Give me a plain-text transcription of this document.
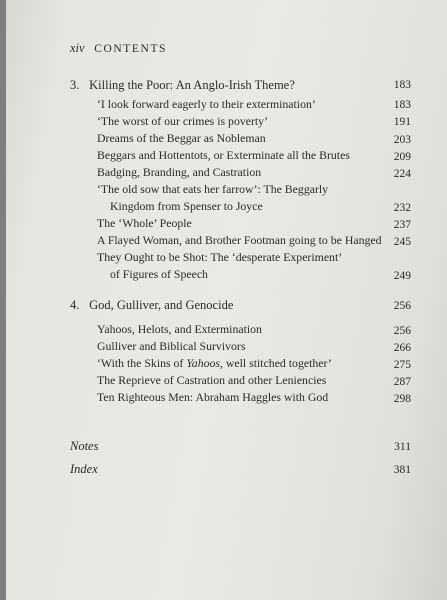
xiv CONTENTS
3. Killing the Poor: An Anglo-Irish Theme?	183
‘I look forward eagerly to their extermination’	183
‘The worst of our crimes is poverty’	191
Dreams of the Beggar as Nobleman	203
Beggars and Hottentots, or Exterminate all the Brutes	209
Badging, Branding, and Castration	224
‘The old sow that eats her farrow’: The Beggarly
Kingdom from Spenser to Joyce	232
The ‘Whole’ People	237
A Flayed Woman, and Brother Footman going to be Hanged 245
They Ought to be Shot: The ‘desperate Experiment’
of Figures of Speech	249
4. God, Gulliver, and Genocide	256
Yahoos, Helots, and Extermination	256
Gulliver and Biblical Survivors	266
‘With the Skins of Yahoos, well stitched together’	275
The Reprieve of Castration and other Leniencies	287
Ten Righteous Men: Abraham Haggles with God	298
Notes	311
Index	381
